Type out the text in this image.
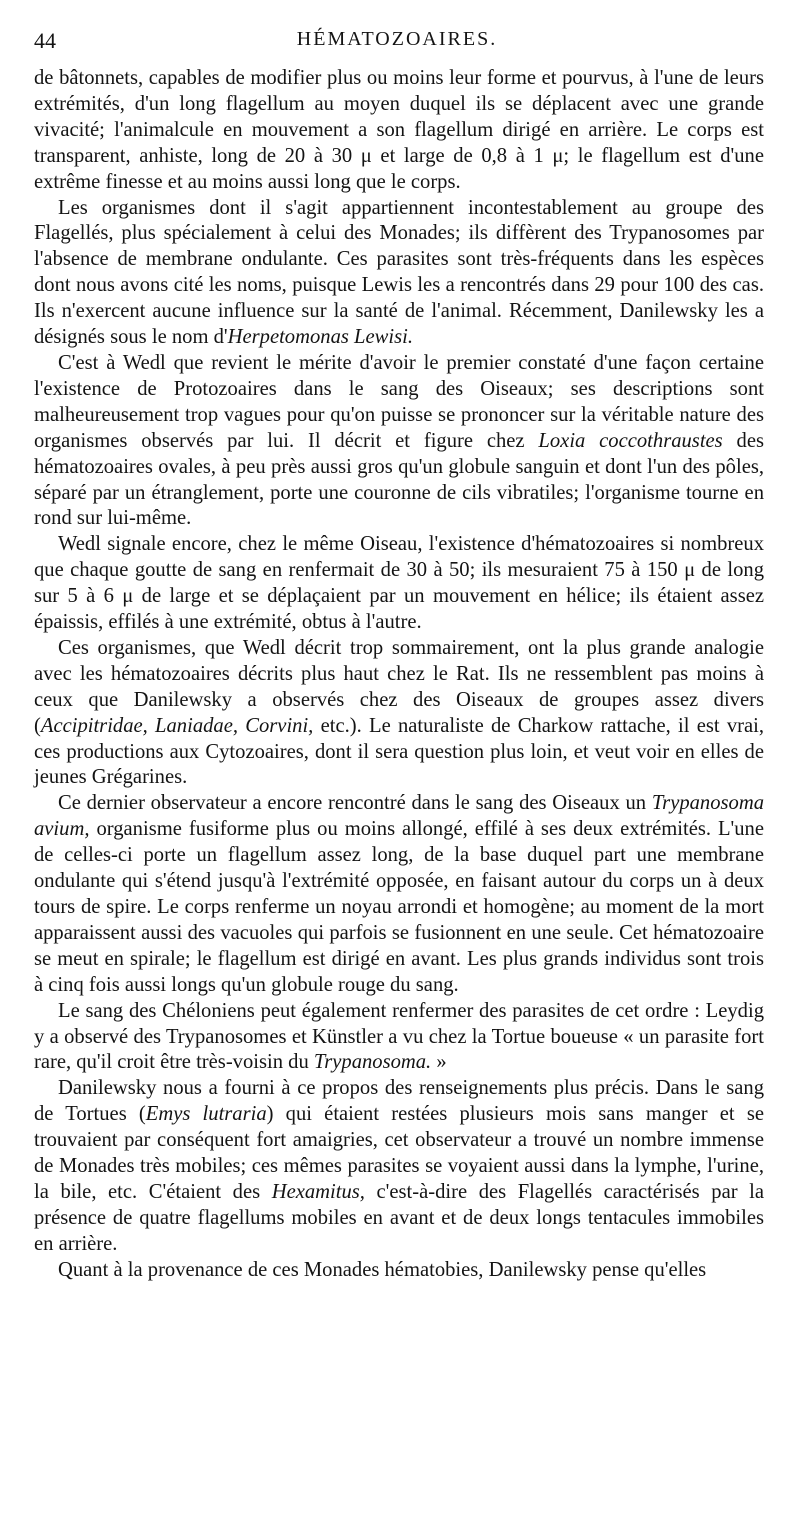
44	HÉMATOZOAIRES.

de bâtonnets, capables de modifier plus ou moins leur forme et pourvus, à l'une de leurs extrémités, d'un long flagellum au moyen duquel ils se déplacent avec une grande vivacité; l'animalcule en mouvement a son flagellum dirigé en arrière. Le corps est transparent, anhiste, long de 20 à 30 μ et large de 0,8 à 1 μ; le flagellum est d'une extrême finesse et au moins aussi long que le corps.

Les organismes dont il s'agit appartiennent incontestablement au groupe des Flagellés, plus spécialement à celui des Monades; ils diffèrent des Trypanosomes par l'absence de membrane ondulante. Ces parasites sont très-fréquents dans les espèces dont nous avons cité les noms, puisque Lewis les a rencontrés dans 29 pour 100 des cas. Ils n'exercent aucune influence sur la santé de l'animal. Récemment, Danilewsky les a désignés sous le nom d'Herpetomonas Lewisi.

C'est à Wedl que revient le mérite d'avoir le premier constaté d'une façon certaine l'existence de Protozoaires dans le sang des Oiseaux; ses descriptions sont malheureusement trop vagues pour qu'on puisse se prononcer sur la véritable nature des organismes observés par lui. Il décrit et figure chez Loxia coccothraustes des hématozoaires ovales, à peu près aussi gros qu'un globule sanguin et dont l'un des pôles, séparé par un étranglement, porte une couronne de cils vibratiles; l'organisme tourne en rond sur lui-même.

Wedl signale encore, chez le même Oiseau, l'existence d'hématozoaires si nombreux que chaque goutte de sang en renfermait de 30 à 50; ils mesuraient 75 à 150 μ de long sur 5 à 6 μ de large et se déplaçaient par un mouvement en hélice; ils étaient assez épaissis, effilés à une extrémité, obtus à l'autre.

Ces organismes, que Wedl décrit trop sommairement, ont la plus grande analogie avec les hématozoaires décrits plus haut chez le Rat. Ils ne ressemblent pas moins à ceux que Danilewsky a observés chez des Oiseaux de groupes assez divers (Accipitridae, Laniadae, Corvini, etc.). Le naturaliste de Charkow rattache, il est vrai, ces productions aux Cytozoaires, dont il sera question plus loin, et veut voir en elles de jeunes Grégarines.

Ce dernier observateur a encore rencontré dans le sang des Oiseaux un Trypanosoma avium, organisme fusiforme plus ou moins allongé, effilé à ses deux extrémités. L'une de celles-ci porte un flagellum assez long, de la base duquel part une membrane ondulante qui s'étend jusqu'à l'extrémité opposée, en faisant autour du corps un à deux tours de spire. Le corps renferme un noyau arrondi et homogène; au moment de la mort apparaissent aussi des vacuoles qui parfois se fusionnent en une seule. Cet hématozoaire se meut en spirale; le flagellum est dirigé en avant. Les plus grands individus sont trois à cinq fois aussi longs qu'un globule rouge du sang.

Le sang des Chéloniens peut également renfermer des parasites de cet ordre : Leydig y a observé des Trypanosomes et Künstler a vu chez la Tortue boueuse « un parasite fort rare, qu'il croit être très-voisin du Trypanosoma. »

Danilewsky nous a fourni à ce propos des renseignements plus précis. Dans le sang de Tortues (Emys lutraria) qui étaient restées plusieurs mois sans manger et se trouvaient par conséquent fort amaigries, cet observateur a trouvé un nombre immense de Monades très mobiles; ces mêmes parasites se voyaient aussi dans la lymphe, l'urine, la bile, etc. C'étaient des Hexamitus, c'est-à-dire des Flagellés caractérisés par la présence de quatre flagellums mobiles en avant et de deux longs tentacules immobiles en arrière.

Quant à la provenance de ces Monades hématobies, Danilewsky pense qu'elles
